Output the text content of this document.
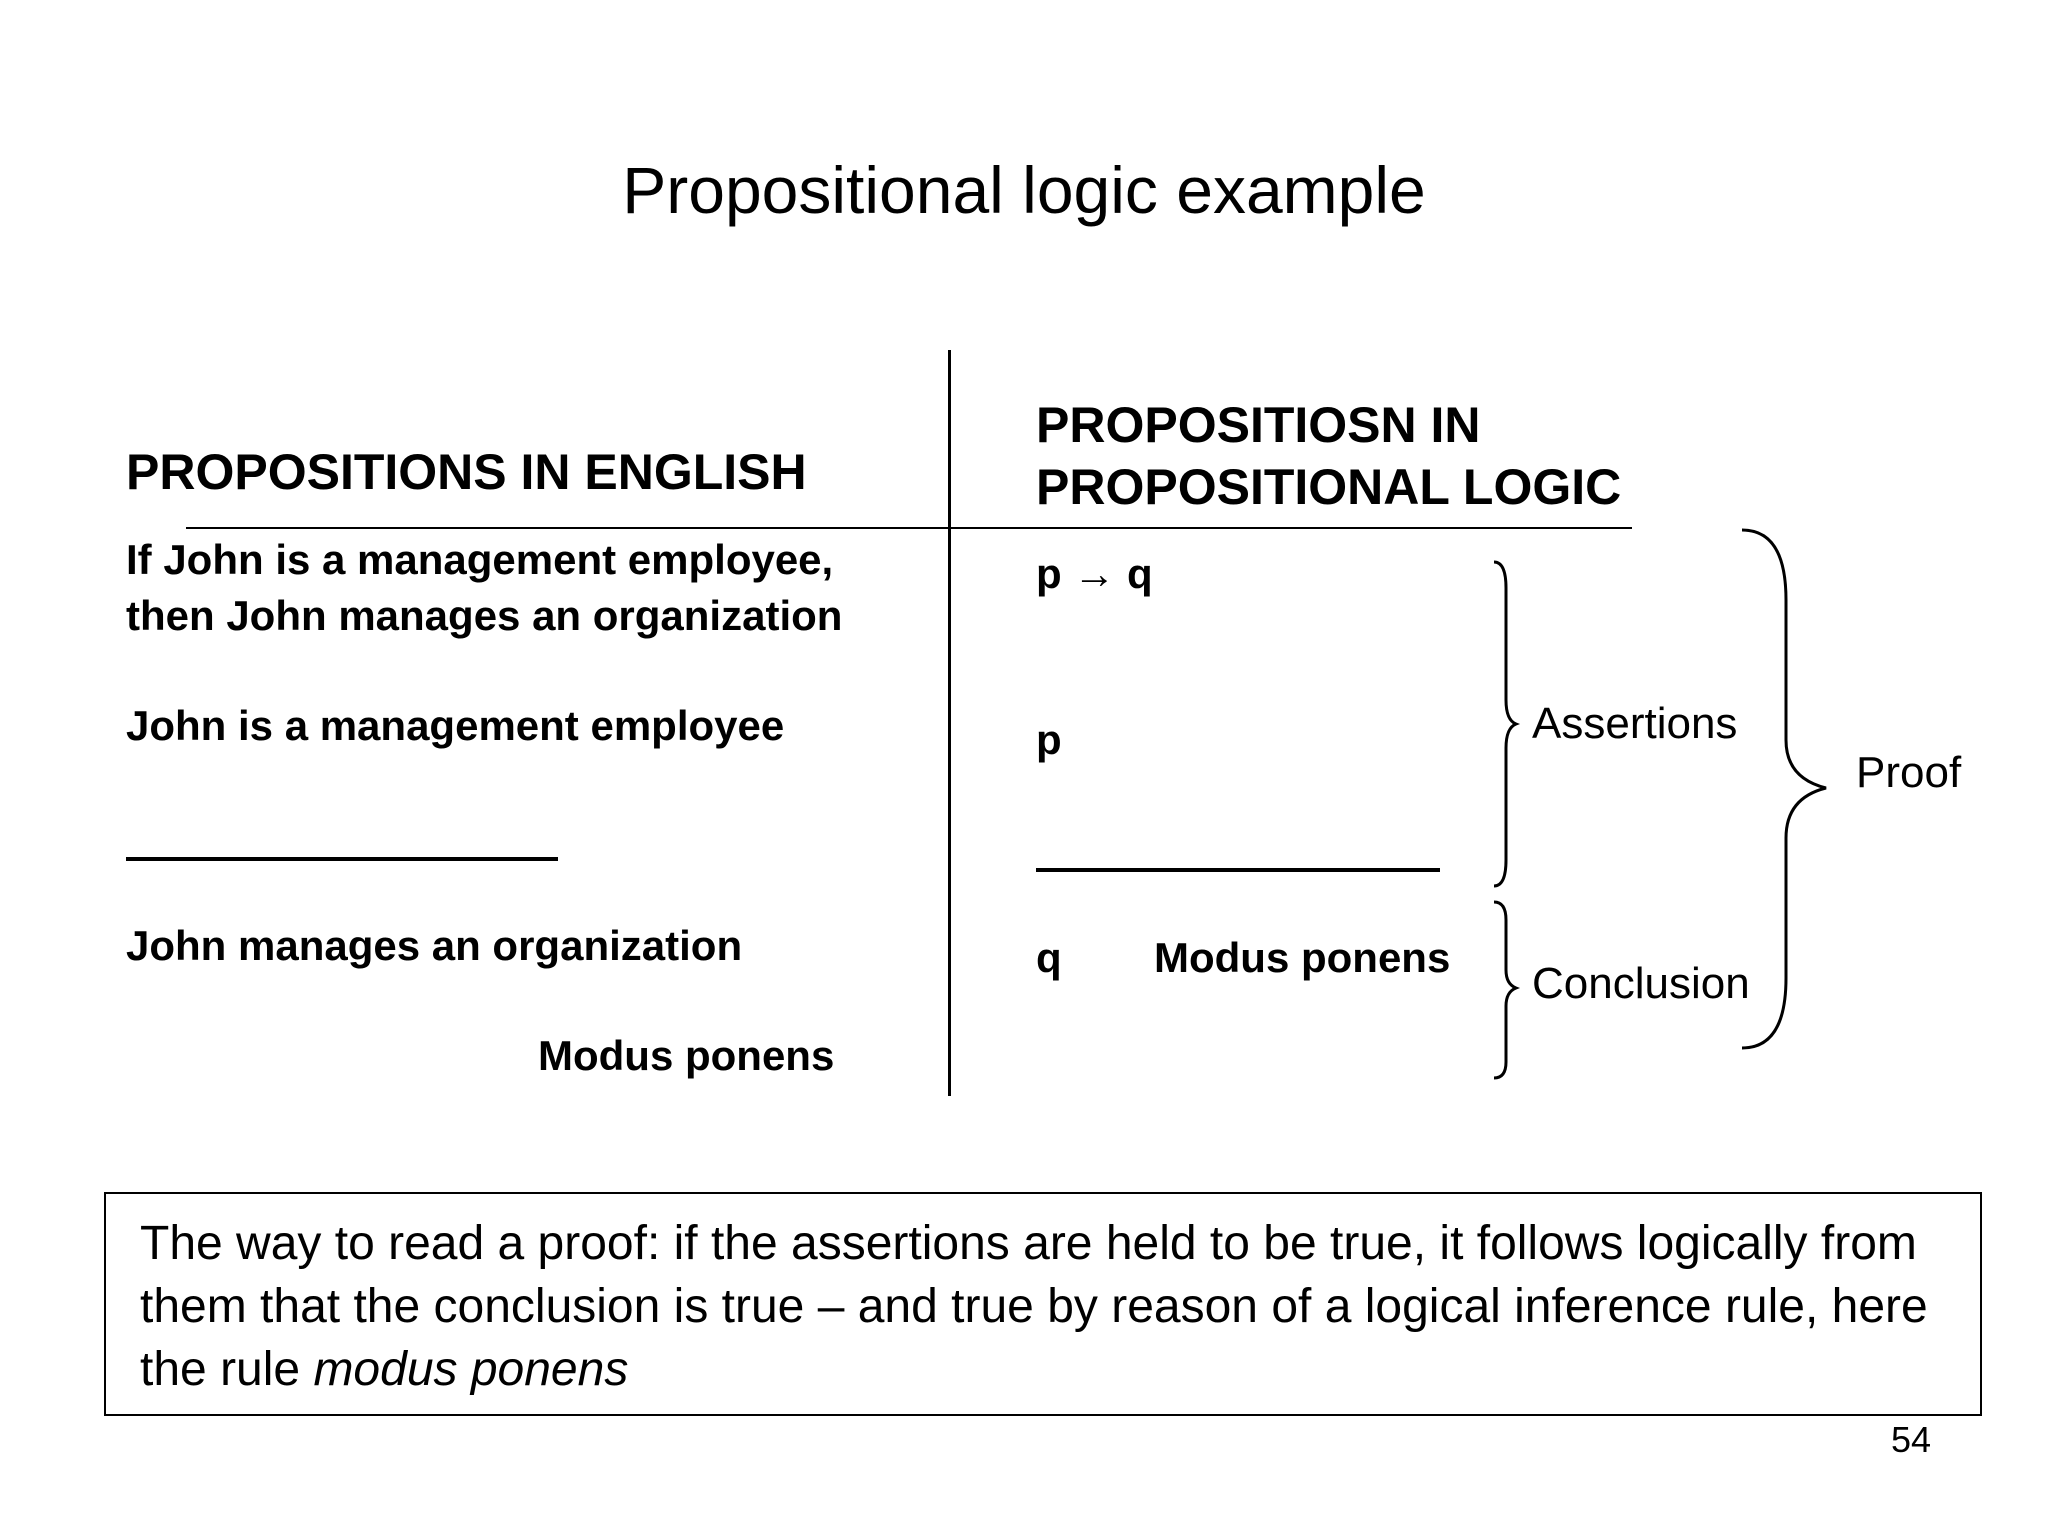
Propositional logic example
PROPOSITIONS IN ENGLISH
If John is a management employee,
then John manages an organization
John is a management employee
John manages an organization
Modus ponens
PROPOSITIOSN IN
PROPOSITIONAL LOGIC
p → q
p
q Modus ponens
Assertions
Conclusion
Proof
The way to read a proof: if the assertions are held to be true, it follows logically from them that the conclusion is true – and true by reason of a logical inference rule, here the rule modus ponens
54
